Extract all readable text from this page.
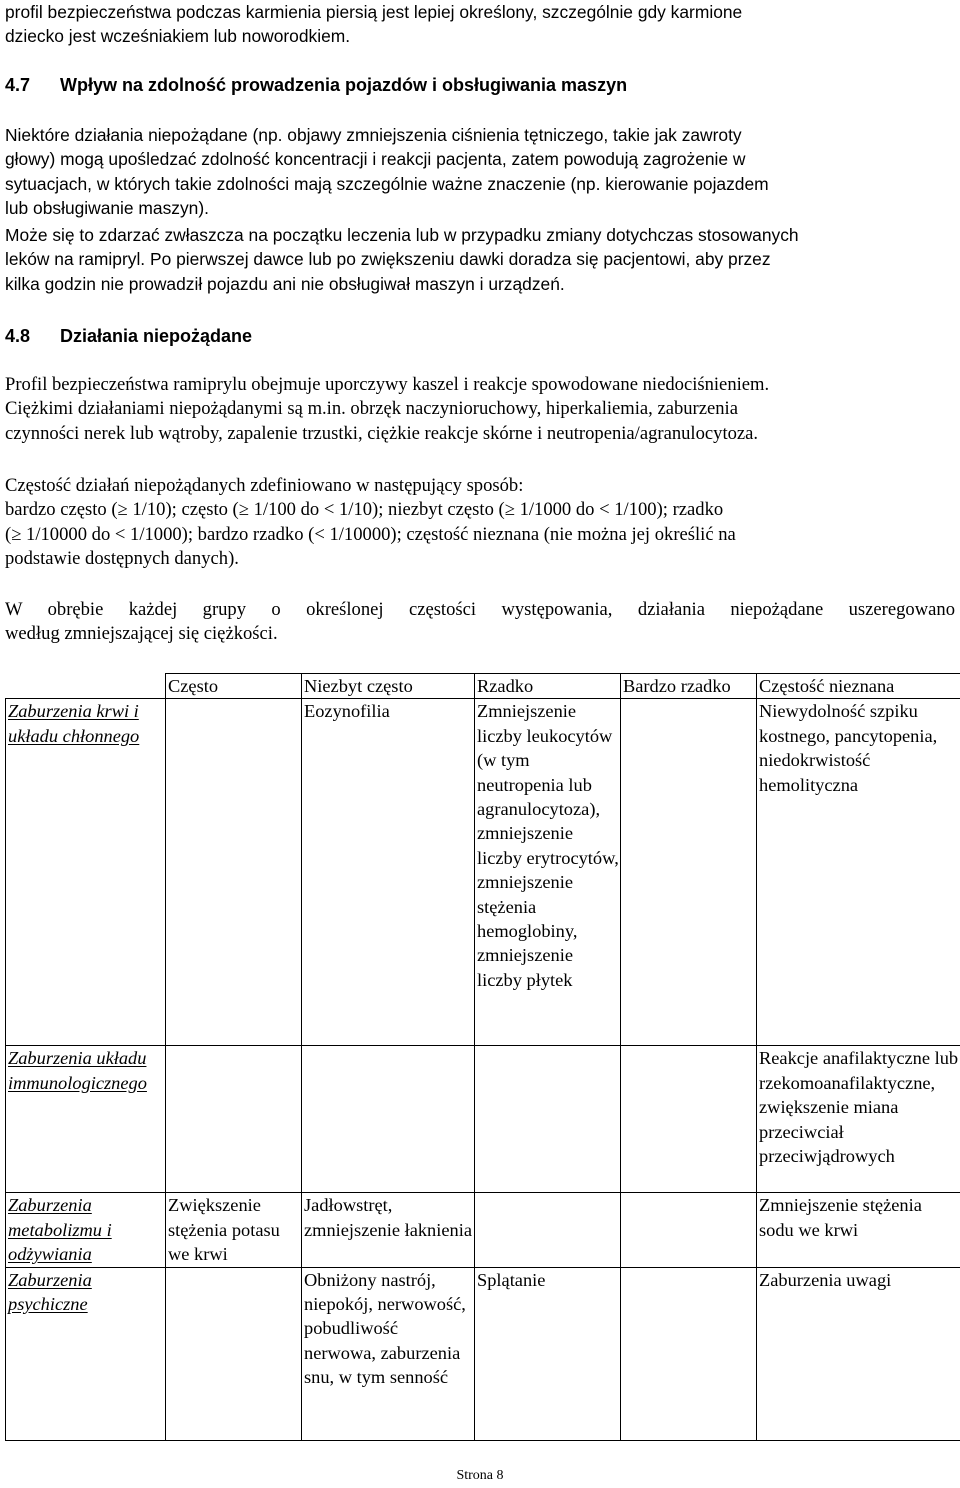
profil bezpieczeństwa podczas karmienia piersią jest lepiej określony, szczególnie gdy karmione
dziecko jest wcześniakiem lub noworodkiem.
4.7 Wpływ na zdolność prowadzenia pojazdów i obsługiwania maszyn
Niektóre działania niepożądane (np. objawy zmniejszenia ciśnienia tętniczego, takie jak zawroty
głowy) mogą upośledzać zdolność koncentracji i reakcji pacjenta, zatem powodują zagrożenie w
sytuacjach, w których takie zdolności mają szczególnie ważne znaczenie (np. kierowanie pojazdem
lub obsługiwanie maszyn).
Może się to zdarzać zwłaszcza na początku leczenia lub w przypadku zmiany dotychczas stosowanych
leków na ramipryl. Po pierwszej dawce lub po zwiększeniu dawki doradza się pacjentowi, aby przez
kilka godzin nie prowadził pojazdu ani nie obsługiwał maszyn i urządzeń.
4.8 Działania niepożądane
Profil bezpieczeństwa ramiprylu obejmuje uporczywy kaszel i reakcje spowodowane niedociśnieniem.
Ciężkimi działaniami niepożądanymi są m.in. obrzęk naczynioruchowy, hiperkaliemia, zaburzenia
czynności nerek lub wątroby, zapalenie trzustki, ciężkie reakcje skórne i neutropenia/agranulocytoza.
Częstość działań niepożądanych zdefiniowano w następujący sposób:
bardzo często (≥ 1/10); często (≥ 1/100 do < 1/10); niezbyt często (≥ 1/1000 do < 1/100); rzadko
(≥ 1/10000 do < 1/1000); bardzo rzadko (< 1/10000); częstość nieznana (nie można jej określić na
podstawie dostępnych danych).
W obrębie każdej grupy o określonej częstości występowania, działania niepożądane uszeregowano
według zmniejszającej się ciężkości.
	Często	Niezbyt często	Rzadko	Bardzo rzadko	Częstość nieznana
Zaburzenia krwi i układu chłonnego		Eozynofilia	Zmniejszenie liczby leukocytów (w tym neutropenia lub agranulocytoza), zmniejszenie liczby erytrocytów, zmniejszenie stężenia hemoglobiny, zmniejszenie liczby płytek		Niewydolność szpiku kostnego, pancytopenia, niedokrwistość hemolityczna
Zaburzenia układu immunologicznego					Reakcje anafilaktyczne lub rzekomoanafilaktyczne, zwiększenie miana przeciwciał przeciwjądrowych
Zaburzenia metabolizmu i odżywiania	Zwiększenie stężenia potasu we krwi	Jadłowstręt, zmniejszenie łaknienia			Zmniejszenie stężenia sodu we krwi
Zaburzenia psychiczne		Obniżony nastrój, niepokój, nerwowość, pobudliwość nerwowa, zaburzenia snu, w tym senność	Splątanie		Zaburzenia uwagi
Strona 8
